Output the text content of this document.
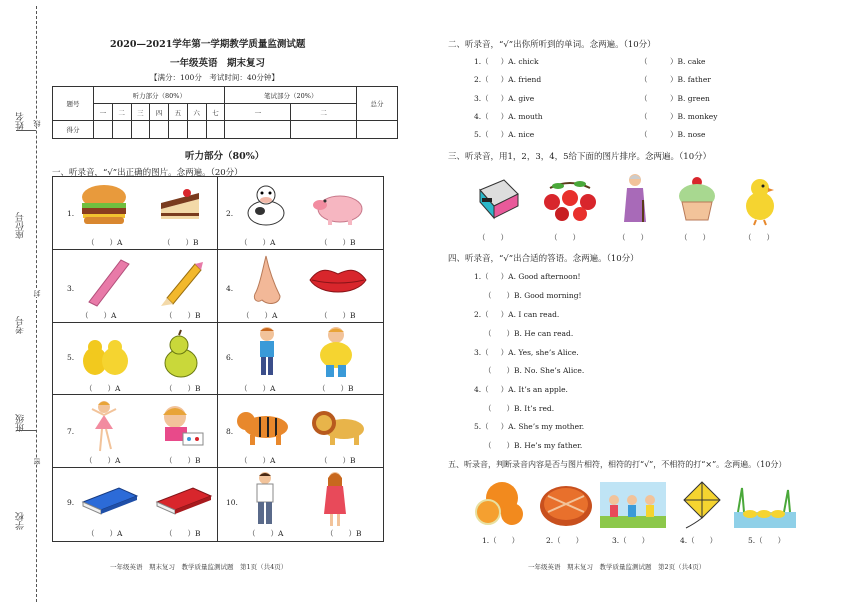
姓名
座位号
考号
班级
学校
线
封
密
2020—2021学年第一学期教学质量监测试题
一年级英语　期末复习
【满分：100分　考试时间：40分钟】
题号	听力部分（80%）							笔试部分（20%）		总分
	一	二	三	四	五	六	七	一	二	
得分										
听力部分（80%）
一、听录音，“√”出正确的图片。念两遍。（20分）
1.
（　　）A	（　　）B
2.
（　　）A	（　　）B
3.
（　　）A	（　　）B
4.
（　　）A	（　　）B
5.
（　　）A	（　　）B
6.
（　　）A	（　　）B
7.
（　　）A	（　　）B
8.
（　　）A	（　　）B
9.
（　　）A	（　　）B
10.
（　　）A	（　　）B
一年级英语　期末复习　教学质量监测试题　第1页（共4页）
二、听录音，“√”出你所听到的单词。念两遍。（10分）
1.（ ）A. chick	（　　　）B. cake
2.（ ）A. friend	（　　　）B. father
3.（ ）A. give	（　　　）B. green
4.（ ）A. mouth	（　　　）B. monkey
5.（ ）A. nice	（　　　）B. nose
三、听录音，用1，2，3，4，5给下面的图片排序。念两遍。（10分）
（　　）	（　　）	（　　）	（　　）	（　　）
四、听录音，“√”出合适的答语。念两遍。（10分）
1.（ ）A. Good afternoon!
（　　）B. Good morning!
2.（ ）A. I can read.
（　　）B. He can read.
3.（ ）A. Yes, she’s Alice.
（　　）B. No. She’s Alice.
4.（ ）A. It’s an apple.
（　　）B. It’s red.
5.（ ）A. She’s my mother.
（　　）B. He’s my father.
五、听录音，判断录音内容是否与图片相符，相符的打“√”，不相符的打“×”。念两遍。（10分）
1.（　　）	2.（　　）	3.（　　）	4.（　　）	5.（　　）
一年级英语　期末复习　教学质量监测试题　第2页（共4页）
